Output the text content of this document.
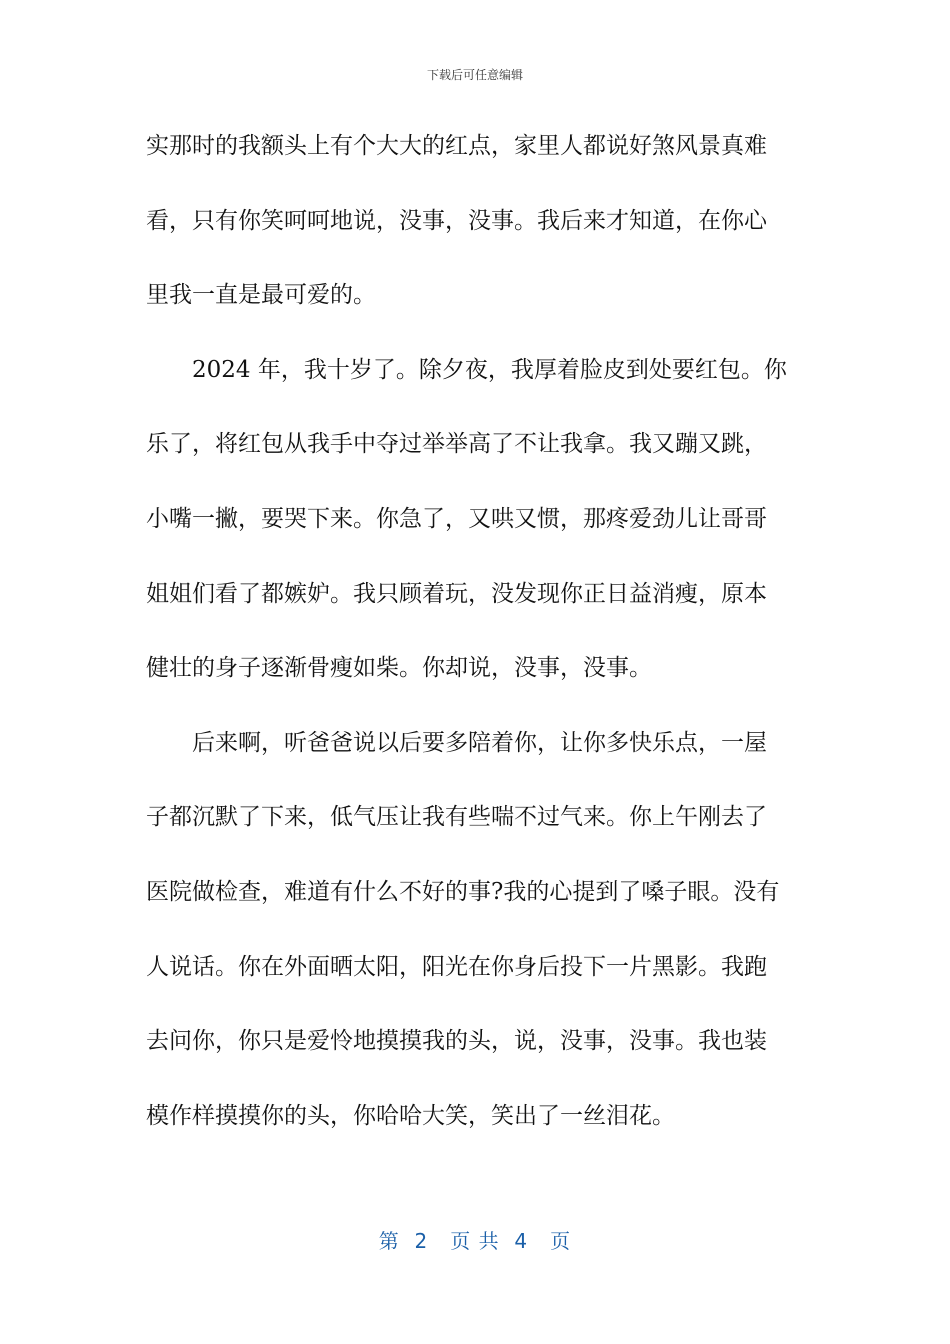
下载后可任意编辑
实那时的我额头上有个大大的红点，家里人都说好煞风景真难
看，只有你笑呵呵地说，没事，没事。我后来才知道，在你心
里我一直是最可爱的。
2024 年，我十岁了。除夕夜，我厚着脸皮到处要红包。你
乐了，将红包从我手中夺过举举高了不让我拿。我又蹦又跳，
小嘴一撇，要哭下来。你急了，又哄又惯，那疼爱劲儿让哥哥
姐姐们看了都嫉妒。我只顾着玩，没发现你正日益消瘦，原本
健壮的身子逐渐骨瘦如柴。你却说，没事，没事。
后来啊，听爸爸说以后要多陪着你，让你多快乐点，一屋
子都沉默了下来，低气压让我有些喘不过气来。你上午刚去了
医院做检查，难道有什么不好的事?我的心提到了嗓子眼。没有
人说话。你在外面晒太阳，阳光在你身后投下一片黑影。我跑
去问你，你只是爱怜地摸摸我的头，说，没事，没事。我也装
模作样摸摸你的头，你哈哈大笑，笑出了一丝泪花。
第  2   页 共  4   页
